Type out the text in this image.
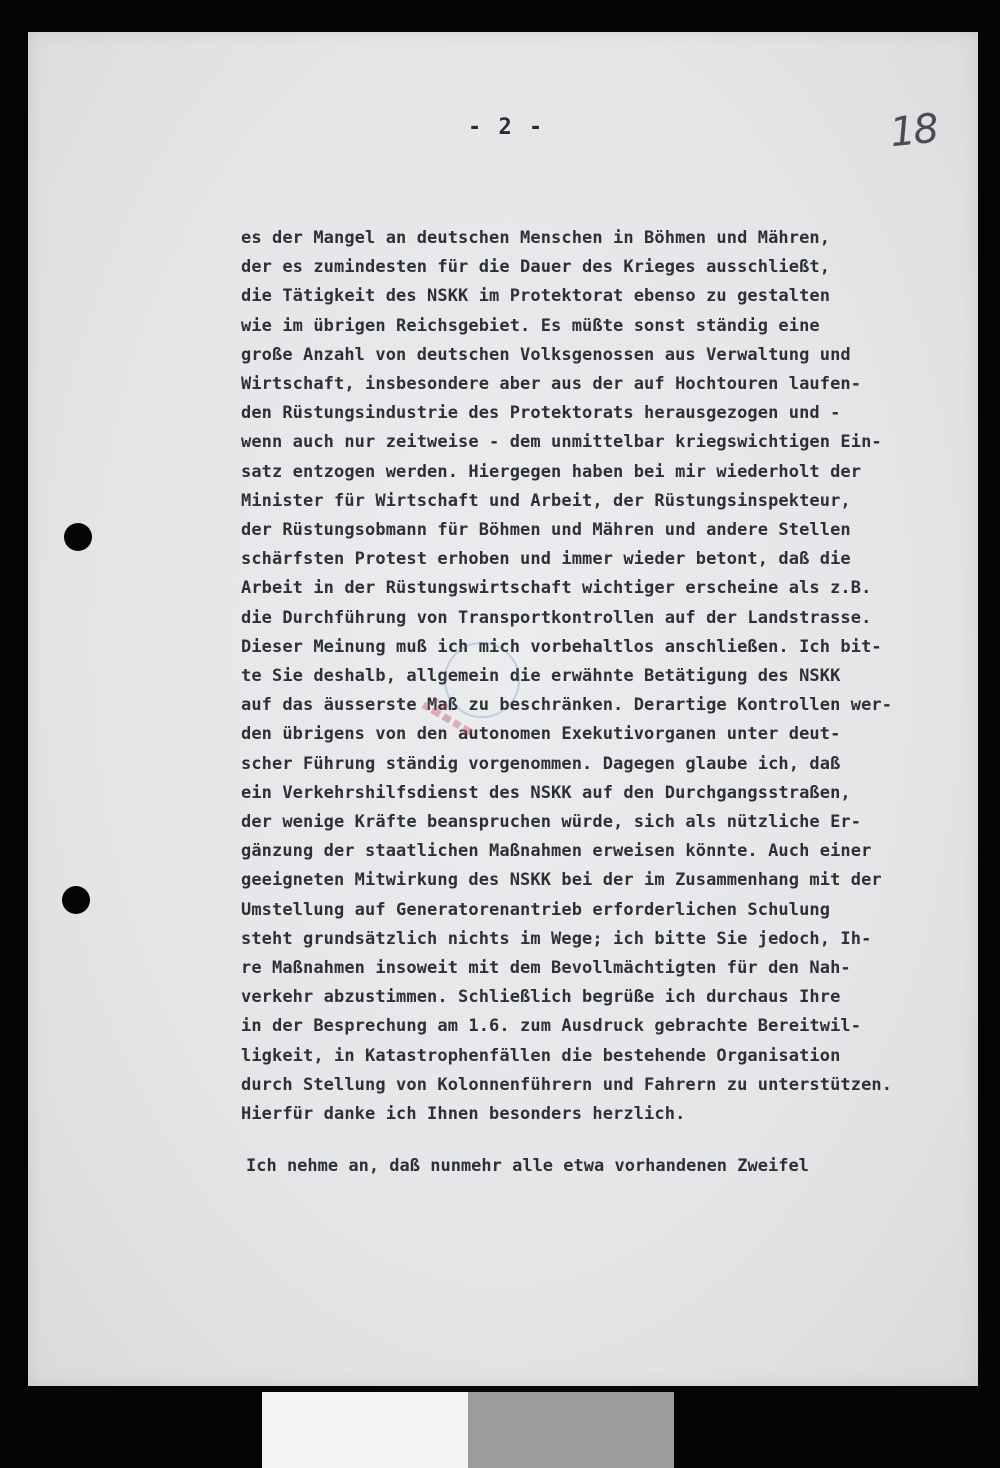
- 2 -	18
es der Mangel an deutschen Menschen in Böhmen und Mähren,
der es zumindesten für die Dauer des Krieges ausschließt,
die Tätigkeit des NSKK im Protektorat ebenso zu gestalten
wie im übrigen Reichsgebiet. Es müßte sonst ständig eine
große Anzahl von deutschen Volksgenossen aus Verwaltung und
Wirtschaft, insbesondere aber aus der auf Hochtouren laufen-
den Rüstungsindustrie des Protektorats herausgezogen und -
wenn auch nur zeitweise - dem unmittelbar kriegswichtigen Ein-
satz entzogen werden. Hiergegen haben bei mir wiederholt der
Minister für Wirtschaft und Arbeit, der Rüstungsinspekteur,
der Rüstungsobmann für Böhmen und Mähren und andere Stellen
schärfsten Protest erhoben und immer wieder betont, daß die
Arbeit in der Rüstungswirtschaft wichtiger erscheine als z.B.
die Durchführung von Transportkontrollen auf der Landstrasse.
Dieser Meinung muß ich mich vorbehaltlos anschließen. Ich bit-
te Sie deshalb, allgemein die erwähnte Betätigung des NSKK
auf das äusserste Maß zu beschränken. Derartige Kontrollen wer-
den übrigens von den autonomen Exekutivorganen unter deut-
scher Führung ständig vorgenommen. Dagegen glaube ich, daß
ein Verkehrshilfsdienst des NSKK auf den Durchgangsstraßen,
der wenige Kräfte beanspruchen würde, sich als nützliche Er-
gänzung der staatlichen Maßnahmen erweisen könnte. Auch einer
geeigneten Mitwirkung des NSKK bei der im Zusammenhang mit der
Umstellung auf Generatorenantrieb erforderlichen Schulung
steht grundsätzlich nichts im Wege; ich bitte Sie jedoch, Ih-
re Maßnahmen insoweit mit dem Bevollmächtigten für den Nah-
verkehr abzustimmen. Schließlich begrüße ich durchaus Ihre
in der Besprechung am 1.6. zum Ausdruck gebrachte Bereitwil-
ligkeit, in Katastrophenfällen die bestehende Organisation
durch Stellung von Kolonnenführern und Fahrern zu unterstützen.
Hierfür danke ich Ihnen besonders herzlich.

Ich nehme an, daß nunmehr alle etwa vorhandenen Zweifel
